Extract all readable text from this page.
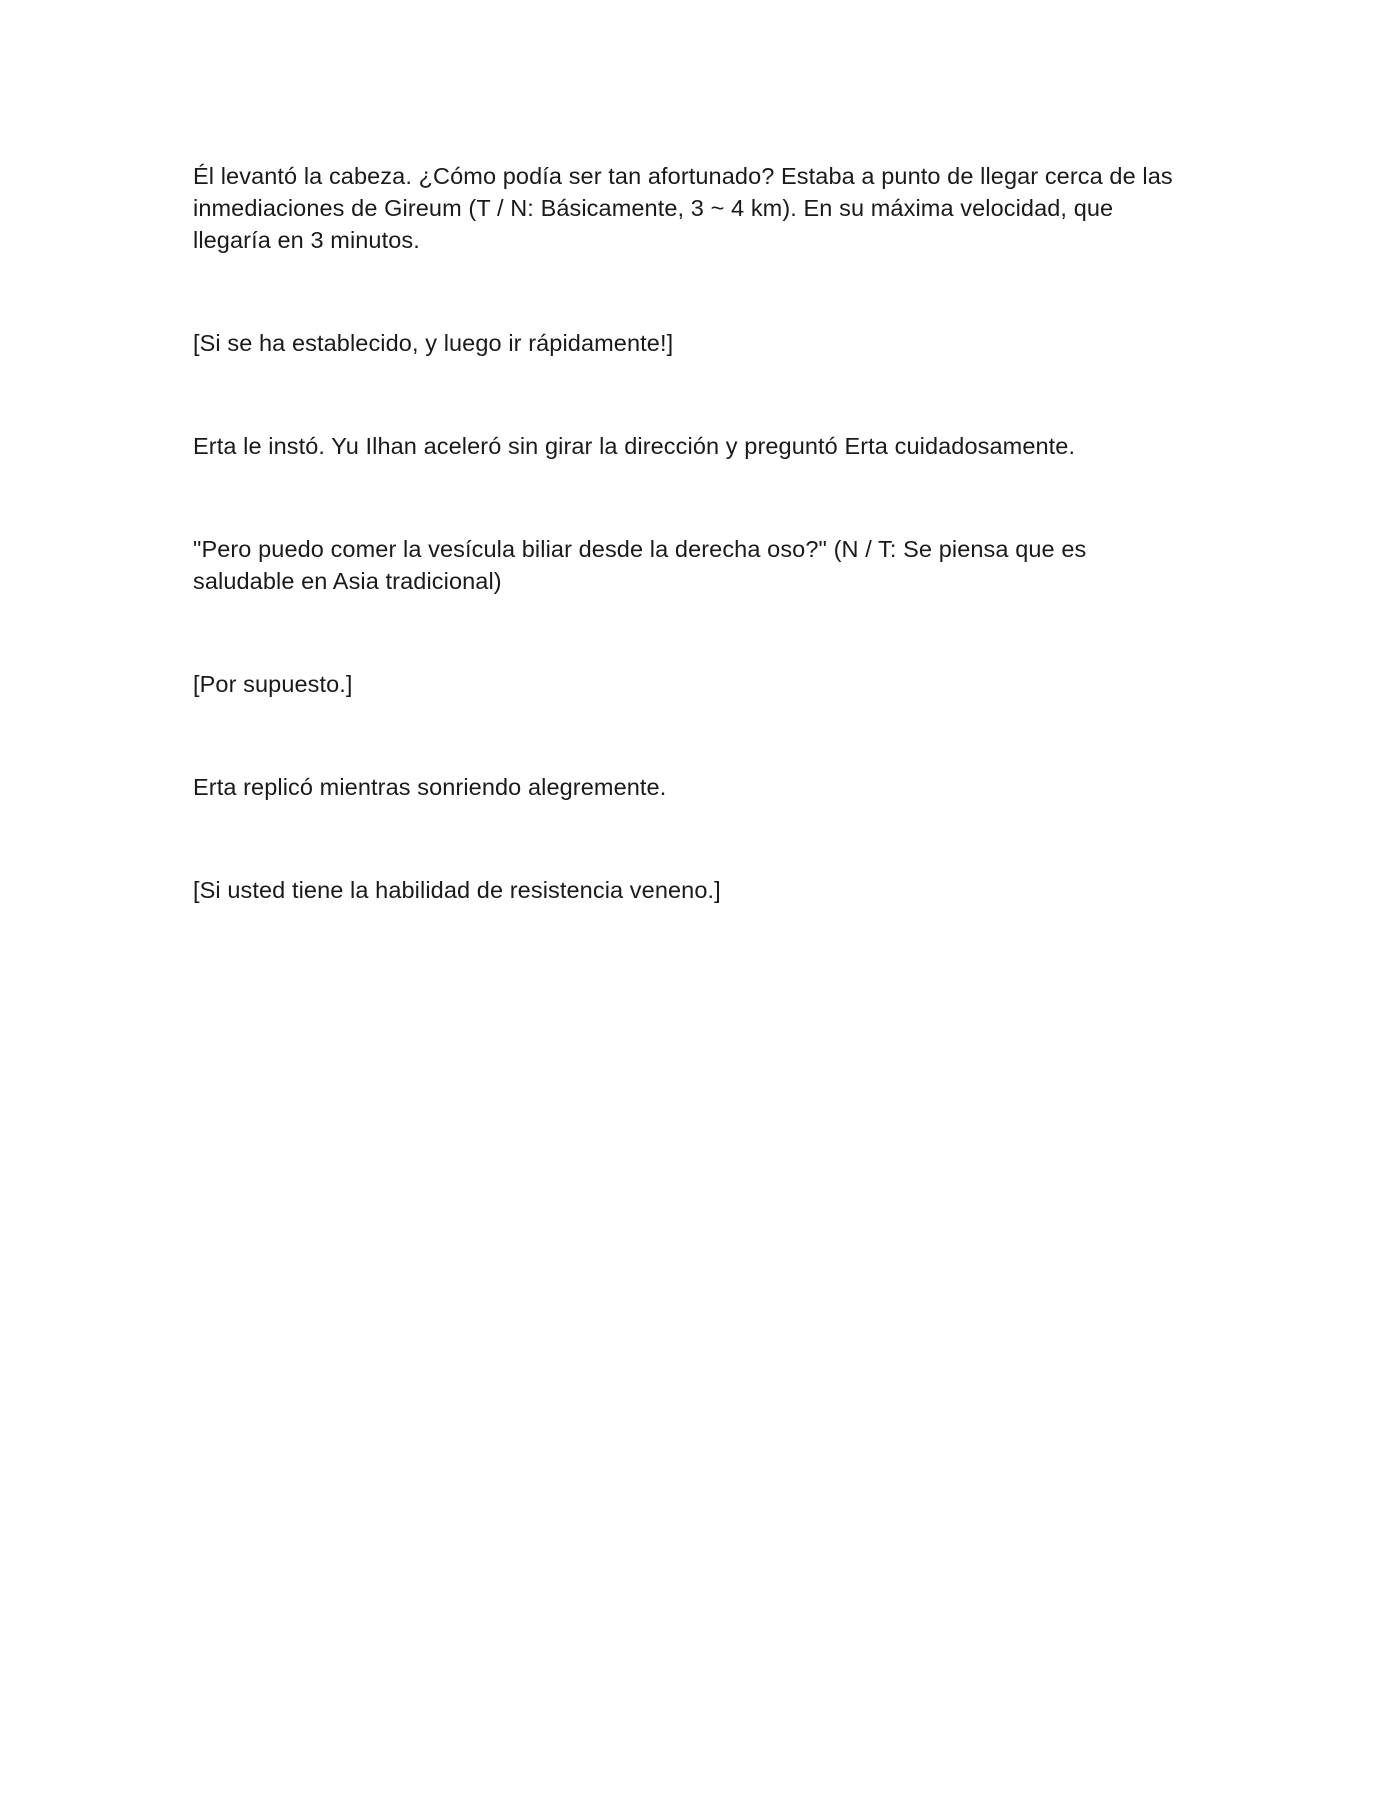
Él levantó la cabeza. ¿Cómo podía ser tan afortunado? Estaba a punto de llegar cerca de las inmediaciones de Gireum (T / N: Básicamente, 3 ~ 4 km). En su máxima velocidad, que llegaría en 3 minutos.

[Si se ha establecido, y luego ir rápidamente!]

Erta le instó. Yu Ilhan aceleró sin girar la dirección y preguntó Erta cuidadosamente.

"Pero puedo comer la vesícula biliar desde la derecha oso?" (N / T: Se piensa que es saludable en Asia tradicional)

[Por supuesto.]

Erta replicó mientras sonriendo alegremente.

[Si usted tiene la habilidad de resistencia veneno.]
